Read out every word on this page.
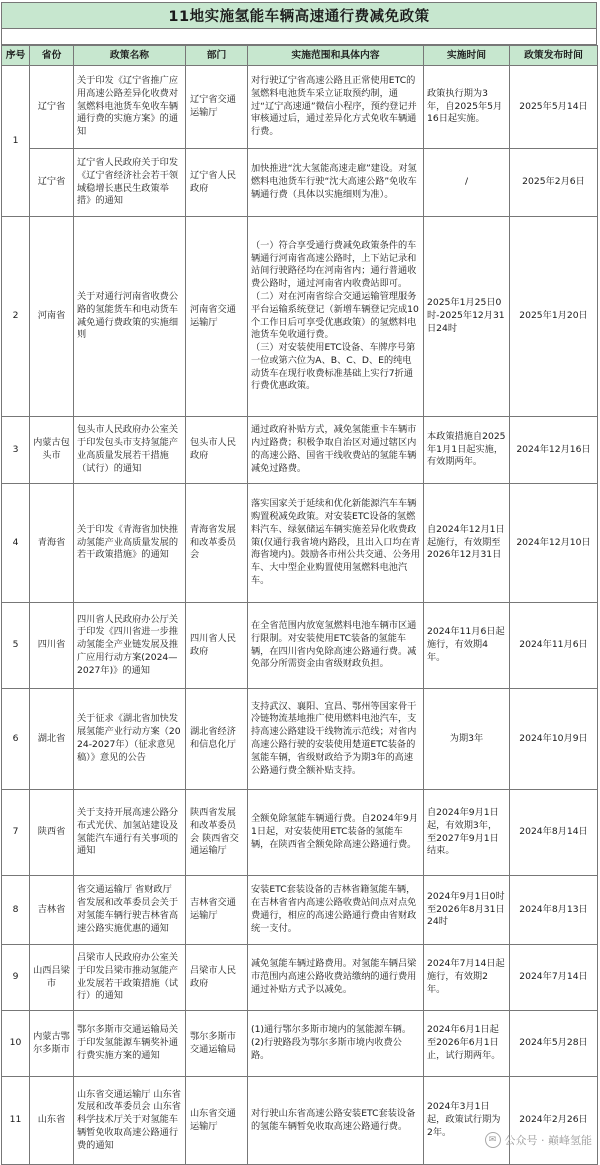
11地实施氢能车辆高速通行费减免政策
序号	省份	政策名称	部门	实施范围和具体内容	实施时间	政策发布时间
1	辽宁省	关于印发《辽宁省推广应用高速公路差异化收费对氢燃料电池货车免收车辆通行费的实施方案》的通知	辽宁省交通运输厅	对行驶辽宁省高速公路且正常使用ETC的氢燃料电池货车采立证取预约制，通过“辽宁高速通”微信小程序，预约登记并审核通过后，通过差异化方式免收车辆通行费。	政策执行期为3年，自2025年5月16日起实施。	2025年5月14日
	辽宁省	辽宁省人民政府关于印发《辽宁省经济社会若干领域稳增长惠民生政策举措》的通知	辽宁省人民政府	加快推进“沈大氢能高速走廊”建设。对氢燃料电池货车行驶“沈大高速公路”免收车辆通行费（具体以实施细则为准）。	/	2025年2月6日
2	河南省	关于对通行河南省收费公路的氢能货车和电动货车减免通行费政策的实施细则	河南省交通运输厅	（一）符合享受通行费减免政策条件的车辆通行河南省高速公路时，上下站记录和站间行驶路径均在河南省内；通行普通收费公路时，通过河南省内收费站即可。
（二）对在河南省综合交通运输管理服务平台运输系统登记（新增车辆登记完成10个工作日后可享受优惠政策）的氢燃料电池货车免收通行费。
（三）对安装使用ETC设备、车牌序号第一位或第六位为A、B、C、D、E的纯电动货车在现行收费标准基础上实行7折通行费优惠政策。	2025年1月25日0时-2025年12月31日24时	2025年1月20日
3	内蒙古包头市	包头市人民政府办公室关于印发包头市支持氢能产业高质量发展若干措施（试行）的通知	包头市人民政府	通过政府补贴方式，减免氢能重卡车辆市内过路费；积极争取自治区对通过辖区内的高速公路、国省干线收费站的氢能车辆减免过路费。	本政策措施自2025年1月1日起实施，有效期两年。	2024年12月16日
4	青海省	关于印发《青海省加快推动氢能产业高质量发展的若干政策措施》的通知	青海省发展和改革委员会	落实国家关于延续和优化新能源汽车车辆购置税减免政策。对安装ETC设备的氢燃料汽车、绿氨储运车辆实施差异化收费政策(仅通行我省境内路段，且出入口均在青海省境内)。鼓励各市州公共交通、公务用车、大中型企业购置使用氢燃料电池汽车。	自2024年12月1日起施行，有效期至2026年12月31日	2024年12月10日
5	四川省	四川省人民政府办公厅关于印发《四川省进一步推动氢能全产业链发展及推广应用行动方案(2024—2027年)》的通知	四川省人民政府	在全省范围内放宽氢燃料电池车辆市区通行限制。对安装使用ETC装备的氢能车辆，在四川省内免除高速公路通行费。减免部分所需资金由省级财政负担。	2024年11月6日起施行，有效期4年。	2024年11月6日
6	湖北省	关于征求《湖北省加快发展氢能产业行动方案（2024-2027年）（征求意见稿）》意见的公告	湖北省经济和信息化厅	支持武汉、襄阳、宜昌、鄂州等国家骨干冷链物流基地推广使用燃料电池汽车，支持高速公路建设干线物流示范线；对省内高速公路行驶的安装使用楚道ETC装备的氢能车辆，省级财政给予为期3年的高速公路通行费全额补贴支持。	为期3年	2024年10月9日
7	陕西省	关于支持开展高速公路分布式光伏、加氢站建设及氢能汽车通行有关事项的通知	陕西省发展和改革委员会 陕西省交通运输厅	全额免除氢能车辆通行费。自2024年9月1日起，对安装使用ETC装备的氢能车辆，在陕西省全额免除高速公路通行费。	自2024年9月1日起，有效期3年，至2027年9月1日结束。	2024年8月14日
8	吉林省	省交通运输厅 省财政厅 省发展和改革委员会关于对氢能车辆行驶吉林省高速公路实施优惠的通知	吉林省交通运输厅	安装ETC套装设备的吉林省籍氢能车辆，在吉林省省内高速公路收费站间点对点免费通行，相应的高速公路通行费由省财政统一支付。	2024年9月1日0时至2026年8月31日24时	2024年8月13日
9	山西吕梁市	吕梁市人民政府办公室关于印发吕梁市推动氢能产业发展若干政策措施（试行）的通知	吕梁市人民政府	减免氢能车辆过路费用。对氢能车辆吕梁市范围内高速公路收费站缴纳的通行费用通过补贴方式予以减免。	2024年7月14日起施行，有效期2年。	2024年7月14日
10	内蒙古鄂尔多斯市	鄂尔多斯市交通运输局关于印发氢能源车辆奖补通行费实施方案的通知	鄂尔多斯市交通运输局	(1)通行鄂尔多斯市境内的氢能源车辆。
(2)行驶路段为鄂尔多斯市境内收费公路。	2024年6月1日起至2026年6月1日止，试行期两年。	2024年5月28日
11	山东省	山东省交通运输厅 山东省发展和改革委员会 山东省科学技术厅关于对氢能车辆暂免收取高速公路通行费的通知	山东省交通运输厅	对行驶山东省高速公路安装ETC套装设备的氢能车辆暂免收取高速公路通行费。	2024年3月1日起，政策试行期为2年。	2024年2月26日
✉ 公众号 · 巅峰氢能
